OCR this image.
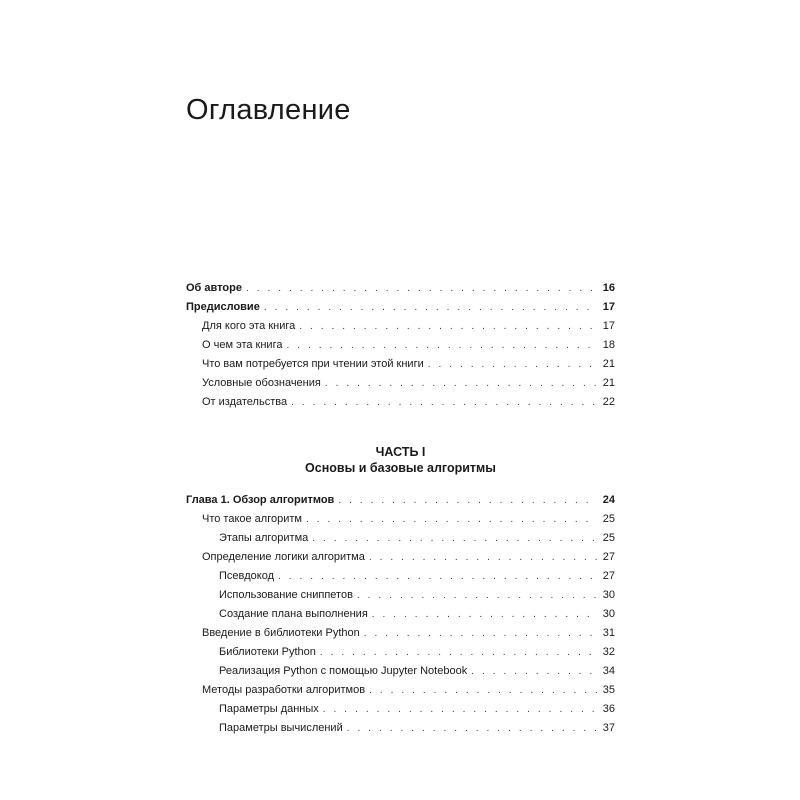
Оглавление
Об авторе . . .	16
Предисловие . . .	17
Для кого эта книга . . .	17
О чем эта книга . . .	18
Что вам потребуется при чтении этой книги . . .	21
Условные обозначения . . .	21
От издательства . . .	22
ЧАСТЬ I
Основы и базовые алгоритмы
Глава 1. Обзор алгоритмов . . .	24
Что такое алгоритм . . .	25
Этапы алгоритма . . .	25
Определение логики алгоритма . . .	27
Псевдокод . . .	27
Использование сниппетов . . .	30
Создание плана выполнения . . .	30
Введение в библиотеки Python . . .	31
Библиотеки Python . . .	32
Реализация Python с помощью Jupyter Notebook . . .	34
Методы разработки алгоритмов . . .	35
Параметры данных . . .	36
Параметры вычислений . . .	37
